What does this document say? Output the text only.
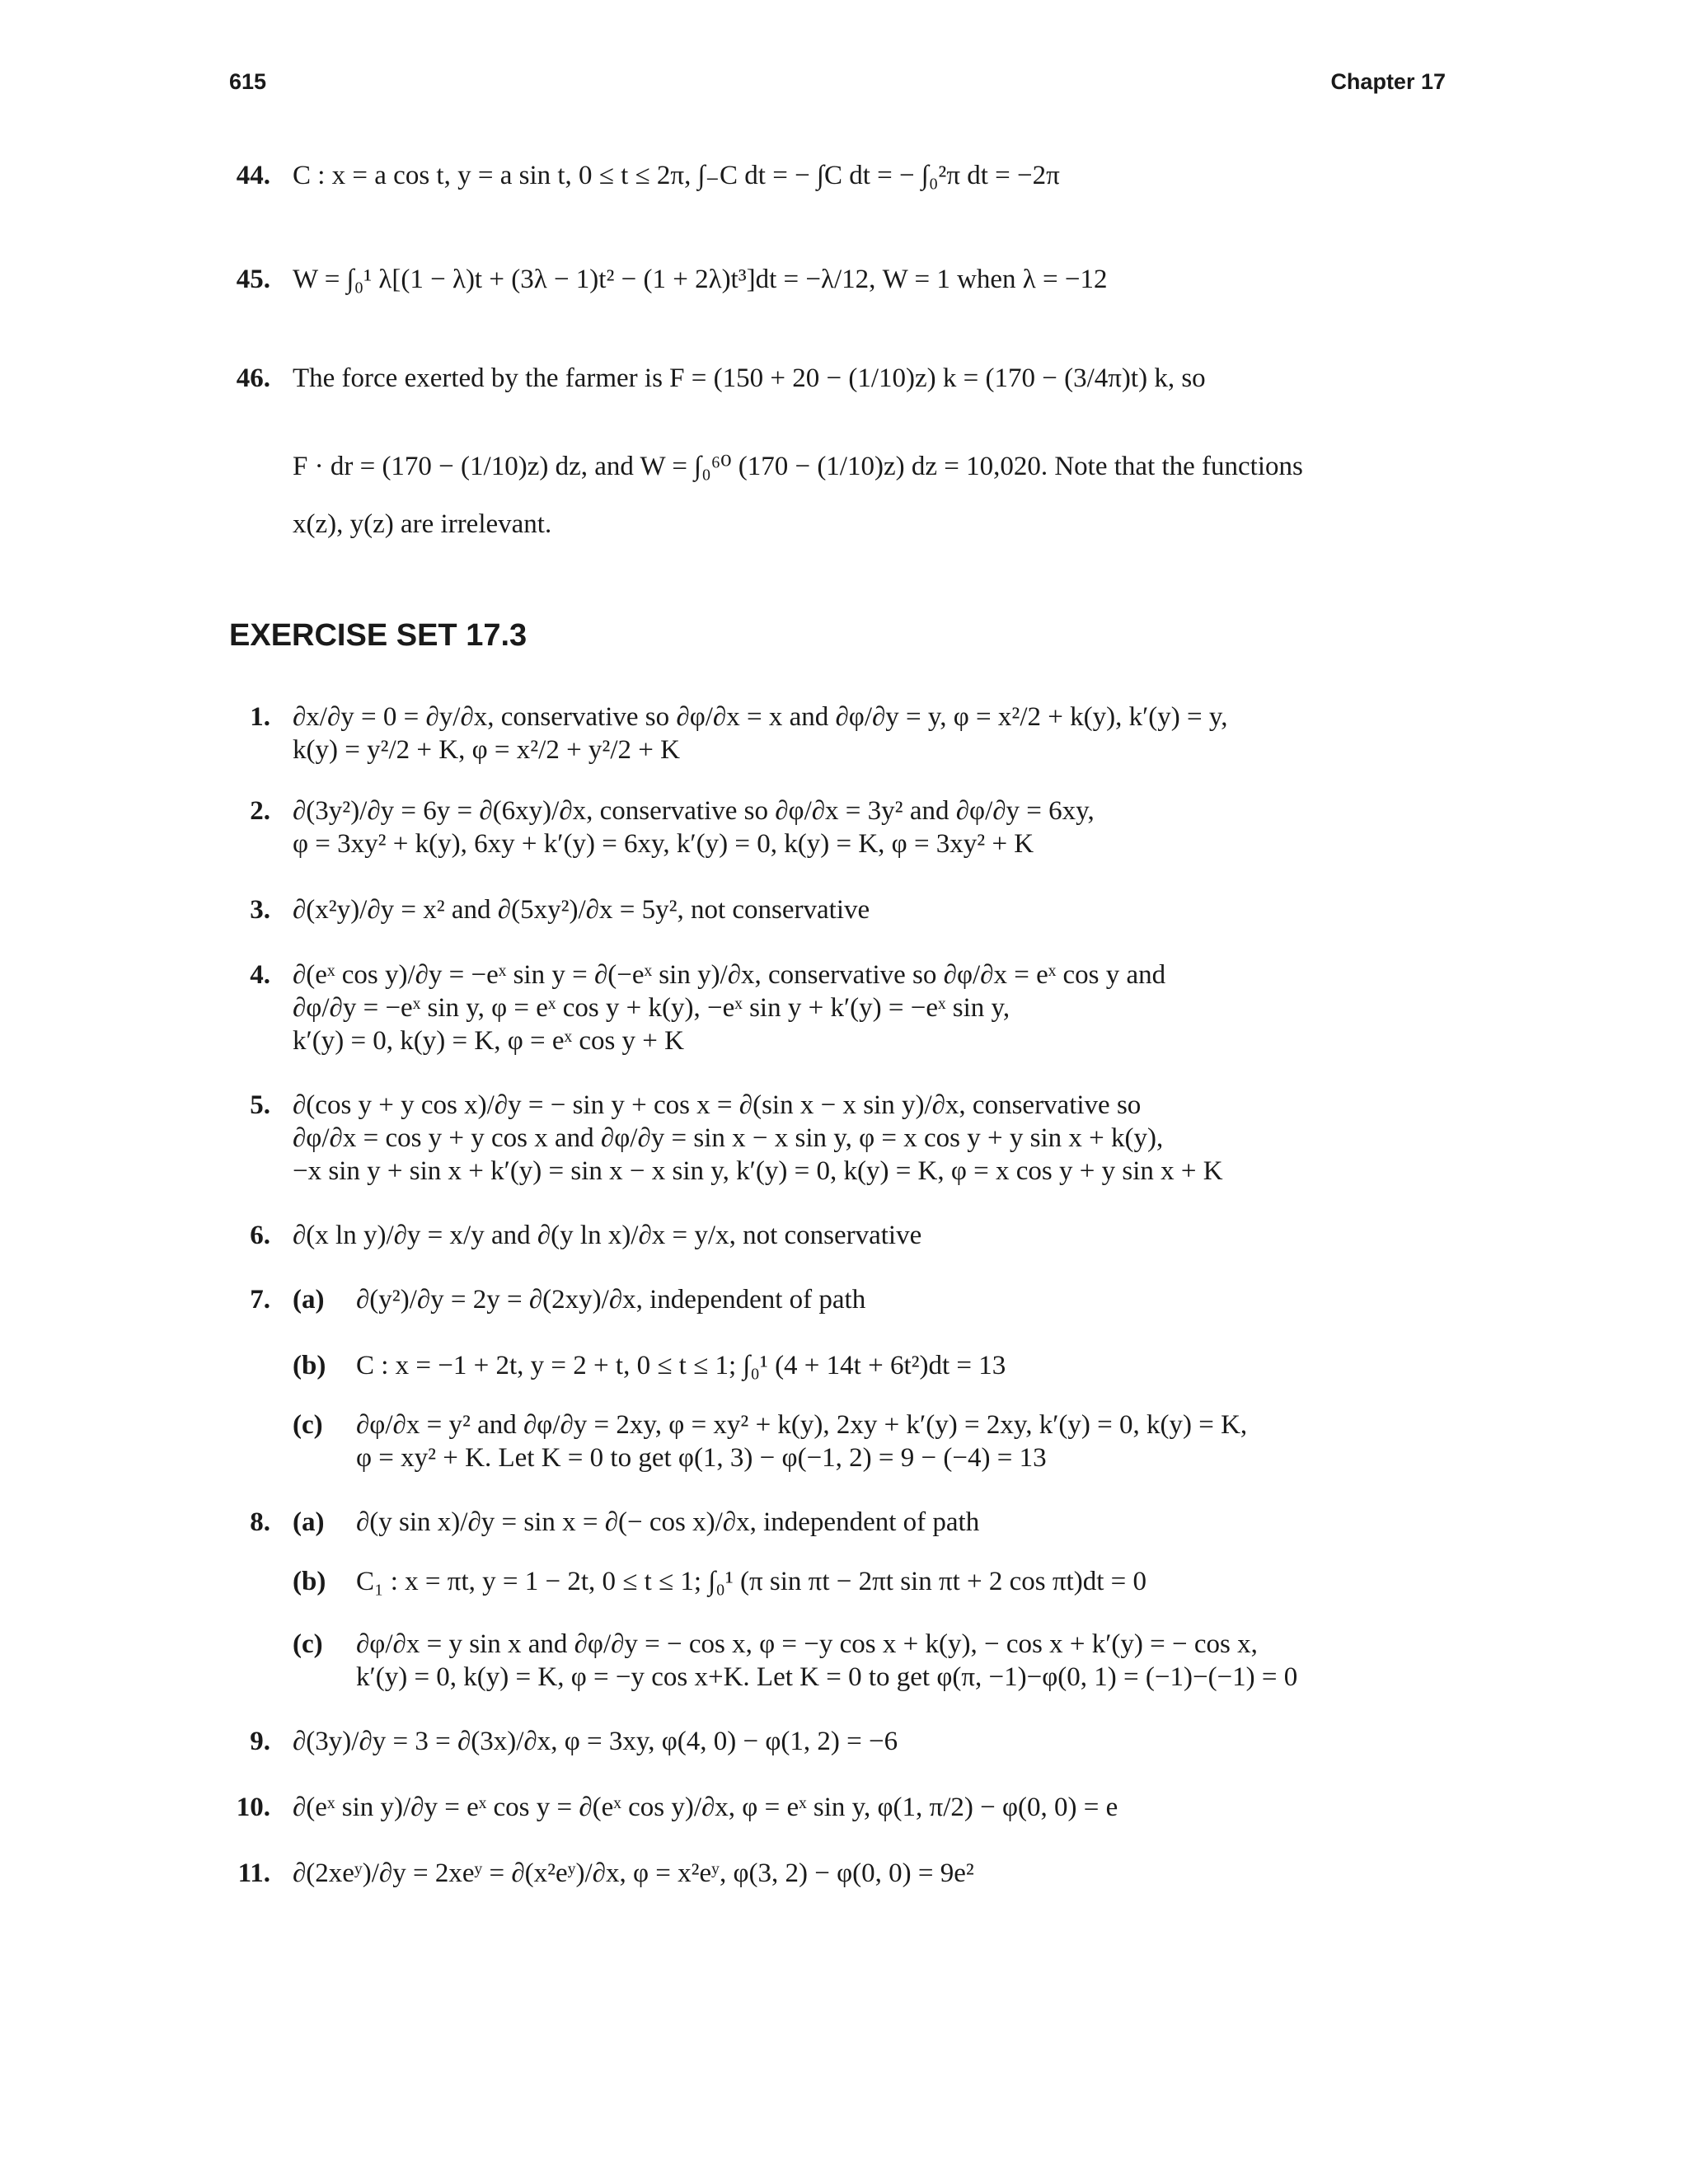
615	Chapter 17
44. C : x = a cos t, y = a sin t, 0 ≤ t ≤ 2π, ∫₋C dt = − ∫C dt = − ∫₀²π dt = −2π
45. W = ∫₀¹ λ[(1 − λ)t + (3λ − 1)t² − (1 + 2λ)t³]dt = −λ/12, W = 1 when λ = −12
46. The force exerted by the farmer is F = (150 + 20 − (1/10)z) k = (170 − (3/4π)t) k, so
F · dr = (170 − (1/10)z) dz, and W = ∫₀⁶⁰ (170 − (1/10)z) dz = 10,020. Note that the functions
x(z), y(z) are irrelevant.
EXERCISE SET 17.3
1. ∂x/∂y = 0 = ∂y/∂x, conservative so ∂φ/∂x = x and ∂φ/∂y = y, φ = x²/2 + k(y), k′(y) = y,
k(y) = y²/2 + K, φ = x²/2 + y²/2 + K
2. ∂(3y²)/∂y = 6y = ∂(6xy)/∂x, conservative so ∂φ/∂x = 3y² and ∂φ/∂y = 6xy,
φ = 3xy² + k(y), 6xy + k′(y) = 6xy, k′(y) = 0, k(y) = K, φ = 3xy² + K
3. ∂(x²y)/∂y = x² and ∂(5xy²)/∂x = 5y², not conservative
4. ∂(eˣ cos y)/∂y = −eˣ sin y = ∂(−eˣ sin y)/∂x, conservative so ∂φ/∂x = eˣ cos y and
∂φ/∂y = −eˣ sin y, φ = eˣ cos y + k(y), −eˣ sin y + k′(y) = −eˣ sin y,
k′(y) = 0, k(y) = K, φ = eˣ cos y + K
5. ∂(cos y + y cos x)/∂y = − sin y + cos x = ∂(sin x − x sin y)/∂x, conservative so
∂φ/∂x = cos y + y cos x and ∂φ/∂y = sin x − x sin y, φ = x cos y + y sin x + k(y),
−x sin y + sin x + k′(y) = sin x − x sin y, k′(y) = 0, k(y) = K, φ = x cos y + y sin x + K
6. ∂(x ln y)/∂y = x/y and ∂(y ln x)/∂x = y/x, not conservative
7. (a) ∂(y²)/∂y = 2y = ∂(2xy)/∂x, independent of path
(b) C : x = −1 + 2t, y = 2 + t, 0 ≤ t ≤ 1; ∫₀¹ (4 + 14t + 6t²)dt = 13
(c) ∂φ/∂x = y² and ∂φ/∂y = 2xy, φ = xy² + k(y), 2xy + k′(y) = 2xy, k′(y) = 0, k(y) = K,
φ = xy² + K. Let K = 0 to get φ(1, 3) − φ(−1, 2) = 9 − (−4) = 13
8. (a) ∂(y sin x)/∂y = sin x = ∂(− cos x)/∂x, independent of path
(b) C₁ : x = πt, y = 1 − 2t, 0 ≤ t ≤ 1; ∫₀¹ (π sin πt − 2πt sin πt + 2 cos πt)dt = 0
(c) ∂φ/∂x = y sin x and ∂φ/∂y = − cos x, φ = −y cos x + k(y), − cos x + k′(y) = − cos x,
k′(y) = 0, k(y) = K, φ = −y cos x+K. Let K = 0 to get φ(π, −1)−φ(0, 1) = (−1)−(−1) = 0
9. ∂(3y)/∂y = 3 = ∂(3x)/∂x, φ = 3xy, φ(4, 0) − φ(1, 2) = −6
10. ∂(eˣ sin y)/∂y = eˣ cos y = ∂(eˣ cos y)/∂x, φ = eˣ sin y, φ(1, π/2) − φ(0, 0) = e
11. ∂(2xeʸ)/∂y = 2xeʸ = ∂(x²eʸ)/∂x, φ = x²eʸ, φ(3, 2) − φ(0, 0) = 9e²
